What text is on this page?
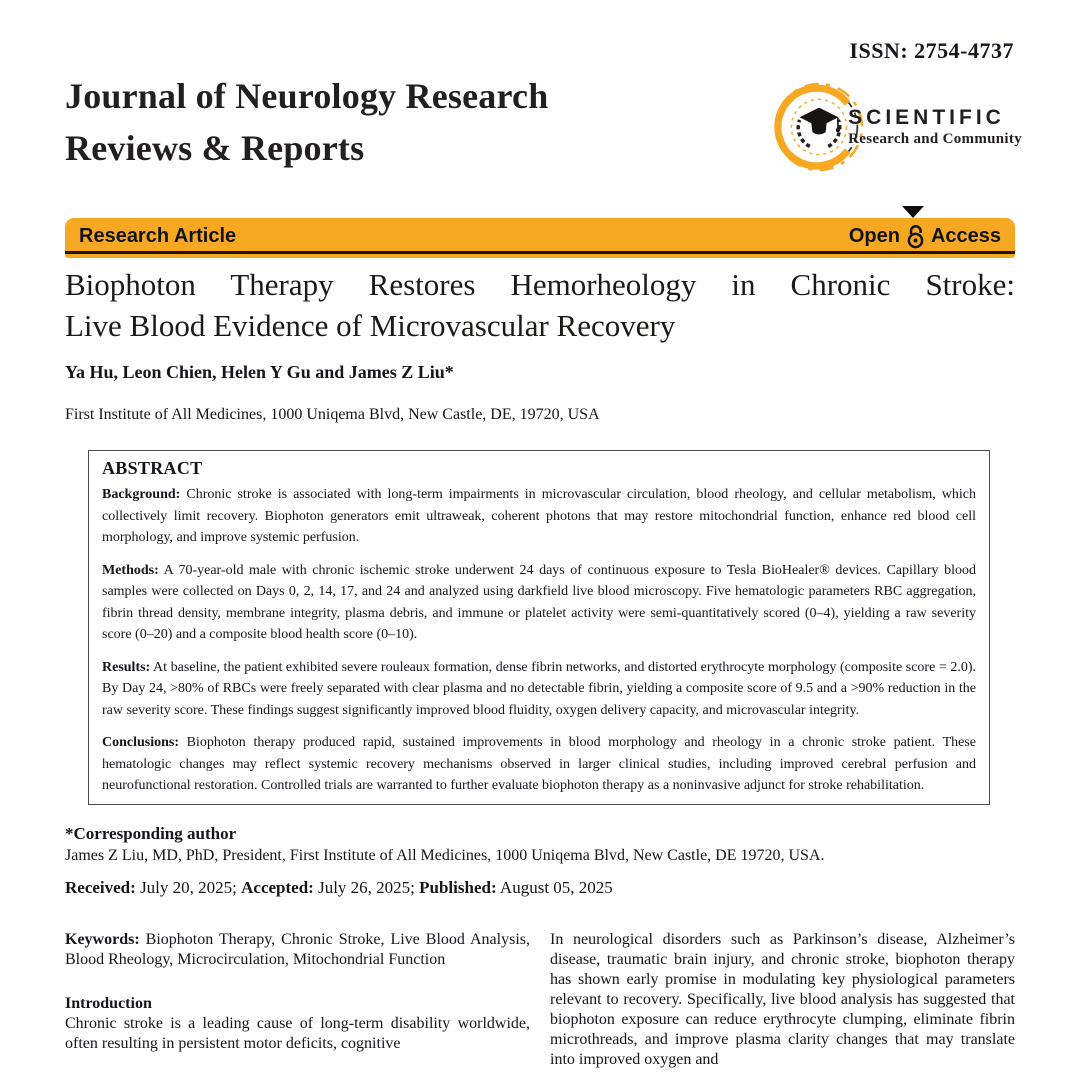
ISSN: 2754-4737
Journal of Neurology Research
Reviews & Reports
SCIENTIFIC
Research and Community
Research Article	Open Access
Biophoton Therapy Restores Hemorheology in Chronic Stroke:
Live Blood Evidence of Microvascular Recovery
Ya Hu, Leon Chien, Helen Y Gu and James Z Liu*
First Institute of All Medicines, 1000 Uniqema Blvd, New Castle, DE, 19720, USA
ABSTRACT

Background: Chronic stroke is associated with long-term impairments in microvascular circulation, blood rheology, and cellular metabolism, which collectively limit recovery. Biophoton generators emit ultraweak, coherent photons that may restore mitochondrial function, enhance red blood cell morphology, and improve systemic perfusion.

Methods: A 70-year-old male with chronic ischemic stroke underwent 24 days of continuous exposure to Tesla BioHealer® devices. Capillary blood samples were collected on Days 0, 2, 14, 17, and 24 and analyzed using darkfield live blood microscopy. Five hematologic parameters RBC aggregation, fibrin thread density, membrane integrity, plasma debris, and immune or platelet activity were semi-quantitatively scored (0–4), yielding a raw severity score (0–20) and a composite blood health score (0–10).

Results: At baseline, the patient exhibited severe rouleaux formation, dense fibrin networks, and distorted erythrocyte morphology (composite score = 2.0). By Day 24, >80% of RBCs were freely separated with clear plasma and no detectable fibrin, yielding a composite score of 9.5 and a >90% reduction in the raw severity score. These findings suggest significantly improved blood fluidity, oxygen delivery capacity, and microvascular integrity.

Conclusions: Biophoton therapy produced rapid, sustained improvements in blood morphology and rheology in a chronic stroke patient. These hematologic changes may reflect systemic recovery mechanisms observed in larger clinical studies, including improved cerebral perfusion and neurofunctional restoration. Controlled trials are warranted to further evaluate biophoton therapy as a noninvasive adjunct for stroke rehabilitation.

*Corresponding author

James Z Liu, MD, PhD, President, First Institute of All Medicines, 1000 Uniqema Blvd, New Castle, DE 19720, USA.

Received: July 20, 2025; Accepted: July 26, 2025; Published: August 05, 2025

Keywords: Biophoton Therapy, Chronic Stroke, Live Blood Analysis, Blood Rheology, Microcirculation, Mitochondrial Function

Introduction

Chronic stroke is a leading cause of long-term disability worldwide, often resulting in persistent motor deficits, cognitive

In neurological disorders such as Parkinson’s disease, Alzheimer’s disease, traumatic brain injury, and chronic stroke, biophoton therapy has shown early promise in modulating key physiological parameters relevant to recovery. Specifically, live blood analysis has suggested that biophoton exposure can reduce erythrocyte clumping, eliminate fibrin microthreads, and improve plasma clarity changes that may translate into improved oxygen and
